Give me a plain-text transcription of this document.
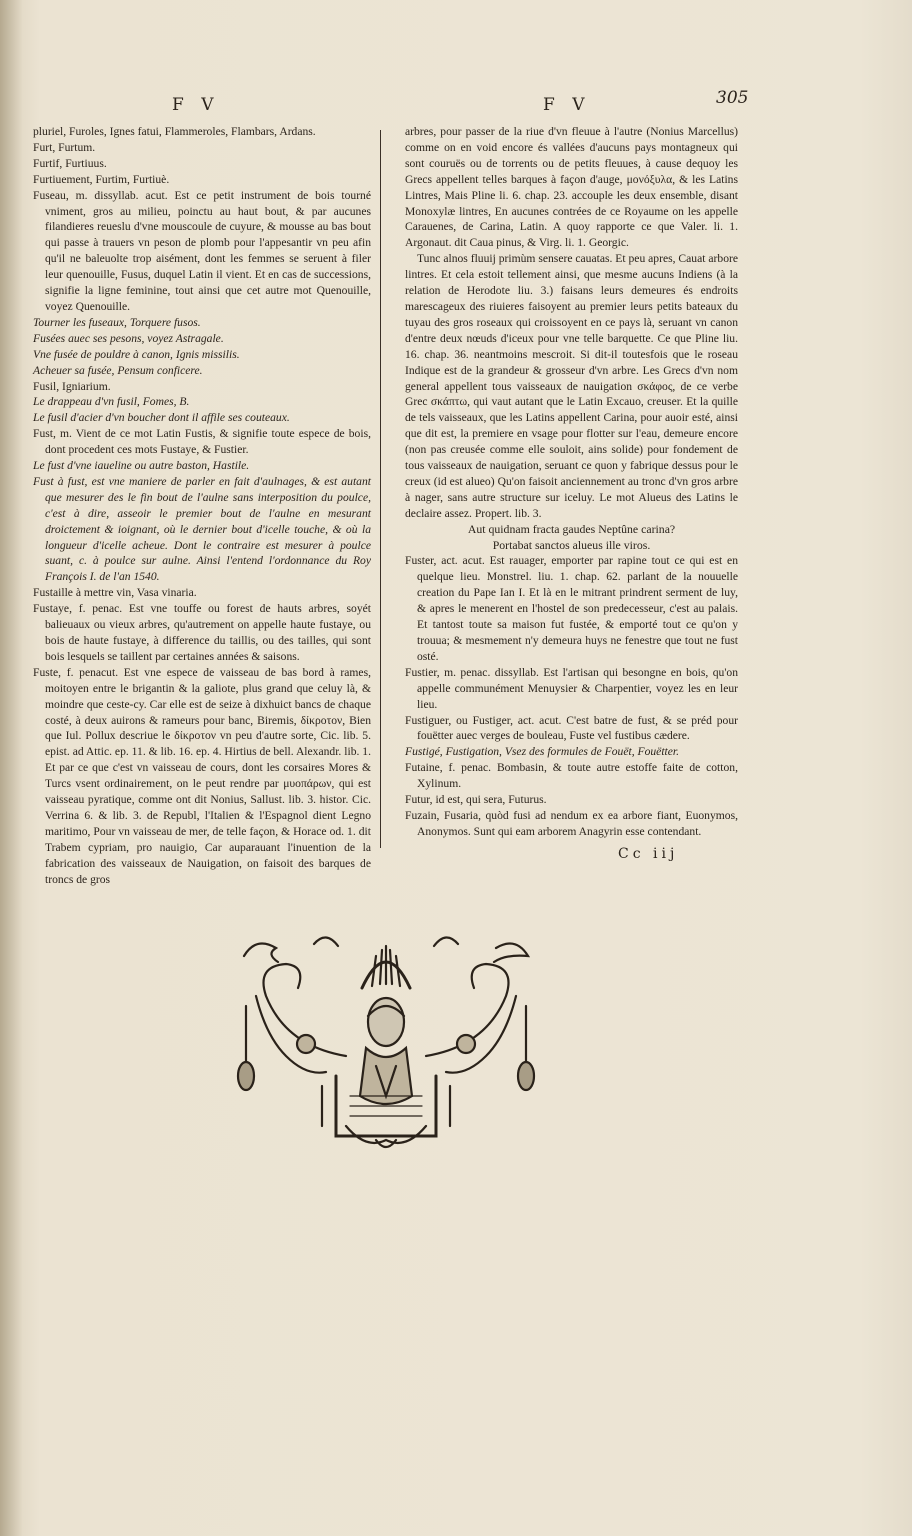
F V	F V	305

pluriel, Furoles, Ignes fatui, Flammeroles, Flambars, Ardans.

Furt, Furtum.

Furtif, Furtiuus.

Furtiuement, Furtim, Furtiuè.

Fuseau, m. dissyllab. acut. Est ce petit instrument de bois tourné vniment, gros au milieu, poinctu au haut bout, & par aucunes filandieres reueslu d'vne mouscoule de cuyure, & mousse au bas bout qui passe à trauers vn peson de plomb pour l'appesantir vn peu afin qu'il ne baleuolte trop aisément, dont les femmes se seruent à filer leur quenouille, Fusus, duquel Latin il vient. Et en cas de successions, signifie la ligne feminine, tout ainsi que cet autre mot Quenouille, voyez Quenouille.

Tourner les fuseaux, Torquere fusos.

Fusées auec ses pesons, voyez Astragale.

Vne fusée de pouldre à canon, Ignis missilis.

Acheuer sa fusée, Pensum conficere.

Fusil, Igniarium.

Le drappeau d'vn fusil, Fomes, B.

Le fusil d'acier d'vn boucher dont il affile ses couteaux.

Fust, m. Vient de ce mot Latin Fustis, & signifie toute espece de bois, dont procedent ces mots Fustaye, & Fustier.

Le fust d'vne iaueline ou autre baston, Hastile.

Fust à fust, est vne maniere de parler en fait d'aulnages, & est autant que mesurer des le fin bout de l'aulne sans interposition du poulce, c'est à dire, asseoir le premier bout de l'aulne en mesurant droictement & ioignant, où le dernier bout d'icelle touche, & où la longueur d'icelle acheue. Dont le contraire est mesurer à poulce suant, c. à poulce sur aulne. Ainsi l'entend l'ordonnance du Roy François I. de l'an 1540.

Fustaille à mettre vin, Vasa vinaria.

Fustaye, f. penac. Est vne touffe ou forest de hauts arbres, soyét balieuaux ou vieux arbres, qu'autrement on appelle haute fustaye, ou bois de haute fustaye, à difference du taillis, ou des tailles, qui sont bois lesquels se taillent par certaines années & saisons.

Fuste, f. penacut. Est vne espece de vaisseau de bas bord à rames, moitoyen entre le brigantin & la galiote, plus grand que celuy là, & moindre que ceste-cy. Car elle est de seize à dixhuict bancs de chaque costé, à deux auirons & rameurs pour banc, Biremis, δίκροτον, Bien que Iul. Pollux descriue le δίκροτον vn peu d'autre sorte, Cic. lib. 5. epist. ad Attic. ep. 11. & lib. 16. ep. 4. Hirtius de bell. Alexandr. lib. 1. Et par ce que c'est vn vaisseau de cours, dont les corsaires Mores & Turcs vsent ordinairement, on le peut rendre par μυοπάρων, qui est vaisseau pyratique, comme ont dit Nonius, Sallust. lib. 3. histor. Cic. Verrina 6. & lib. 3. de Republ, l'Italien & l'Espagnol dient Legno maritimo, Pour vn vaisseau de mer, de telle façon, & Horace od. 1. dit Trabem cypriam, pro nauigio, Car auparauant l'inuention de la fabrication des vaisseaux de Nauigation, on faisoit des barques de troncs de gros

arbres, pour passer de la riue d'vn fleuue à l'autre (Nonius Marcellus) comme on en void encore és vallées d'aucuns pays montagneux qui sont couruës ou de torrents ou de petits fleuues, à cause dequoy les Grecs appellent telles barques à façon d'auge, μονόξυλα, & les Latins Lintres, Mais Pline li. 6. chap. 23. accouple les deux ensemble, disant Monoxylæ lintres, En aucunes contrées de ce Royaume on les appelle Carauenes, de Carina, Latin. A quoy rapporte ce que Valer. li. 1. Argonaut. dit Caua pinus, & Virg. li. 1. Georgic.

Tunc alnos fluuij primùm sensere cauatas. Et peu apres, Cauat arbore lintres. Et cela estoit tellement ainsi, que mesme aucuns Indiens (à la relation de Herodote liu. 3.) faisans leurs demeures és endroits marescageux des riuieres faisoyent au premier leurs petits bateaux du tuyau des gros roseaux qui croissoyent en ce pays là, seruant vn canon d'entre deux nœuds d'iceux pour vne telle barquette. Ce que Pline liu. 16. chap. 36. neantmoins mescroit. Si dit-il toutesfois que le roseau Indique est de la grandeur & grosseur d'vn arbre. Les Grecs d'vn nom general appellent tous vaisseaux de nauigation σκάφος, de ce verbe Grec σκάπτω, qui vaut autant que le Latin Excauo, creuser. Et la quille de tels vaisseaux, que les Latins appellent Carina, pour auoir esté, ainsi que dit est, la premiere en vsage pour flotter sur l'eau, demeure encore (non pas creusée comme elle souloit, ains solide) pour fondement de tous vaisseaux de nauigation, seruant ce quon y fabrique dessus pour le creux (id est alueo) Qu'on faisoit anciennement au tronc d'vn gros arbre à nager, sans autre structure sur iceluy. Le mot Alueus des Latins le declaire assez. Propert. lib. 3.

Aut quidnam fracta gaudes Neptûne carina?

Portabat sanctos alueus ille viros.

Fuster, act. acut. Est rauager, emporter par rapine tout ce qui est en quelque lieu. Monstrel. liu. 1. chap. 62. parlant de la nouuelle creation du Pape Ian I. Et là en le mitrant prindrent serment de luy, & apres le menerent en l'hostel de son predecesseur, c'est au palais. Et tantost toute sa maison fut fustée, & emporté tout ce qu'on y trouua; & mesmement n'y demeura huys ne fenestre que tout ne fust osté.

Fustier, m. penac. dissyllab. Est l'artisan qui besongne en bois, qu'on appelle communément Menuysier & Charpentier, voyez les en leur lieu.

Fustiguer, ou Fustiger, act. acut. C'est batre de fust, & se préd pour fouëtter auec verges de bouleau, Fuste vel fustibus cædere.

Fustigé, Fustigation, Vsez des formules de Fouët, Fouëtter.

Futaine, f. penac. Bombasin, & toute autre estoffe faite de cotton, Xylinum.

Futur, id est, qui sera, Futurus.

Fuzain, Fusaria, quòd fusi ad nendum ex ea arbore fiant, Euonymos, Anonymos. Sunt qui eam arborem Anagyrin esse contendant.

Cc iij
